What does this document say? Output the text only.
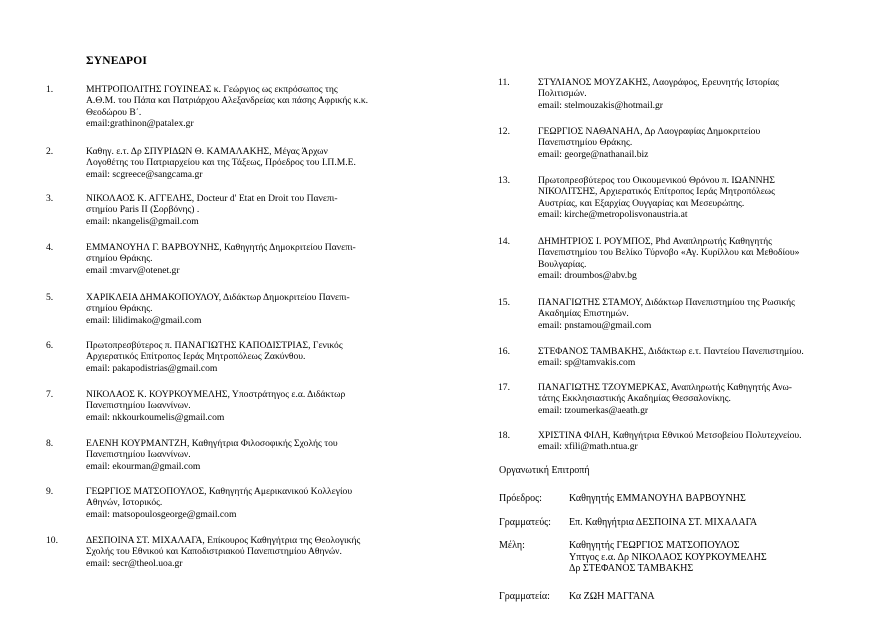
ΣΥΝΕΔΡΟΙ
1.	ΜΗΤΡΟΠΟΛΙΤΗΣ ΓΟΥΙΝΕΑΣ κ. Γεώργιος ως εκπρόσωπος της
Α.Θ.Μ. του Πάπα και Πατριάρχου Αλεξανδρείας και πάσης Αφρικής κ.κ.
Θεοδώρου Β΄.
email:grathinon@patalex.gr
2.	Καθηγ. ε.τ. Δρ ΣΠΥΡΙΔΩΝ Θ. ΚΑΜΑΛΑΚΗΣ, Μέγας Άρχων
Λογοθέτης του Πατριαρχείου και της Τάξεως, Πρόεδρος του Ι.Π.Μ.Ε.
email: scgreece@sangcama.gr
3.	ΝΙΚΟΛΑΟΣ Κ. ΑΓΓΕΛΗΣ, Docteur d' Etat en Droit του Πανεπι-
στημίου Paris II (Σορβόνης) .
email: nkangelis@gmail.com
4.	ΕΜΜΑΝΟΥΗΛ Γ. ΒΑΡΒΟΥΝΗΣ, Καθηγητής Δημοκριτείου Πανεπι-
στημίου Θράκης.
email :mvarv@otenet.gr
5.	ΧΑΡΙΚΛΕΙΑ ΔΗΜΑΚΟΠΟΥΛΟΥ, Διδάκτωρ Δημοκριτείου Πανεπι-
στημίου Θράκης.
email: lilidimako@gmail.com
6.	Πρωτοπρεσβύτερος π. ΠΑΝΑΓΙΩΤΗΣ ΚΑΠΟΔΙΣΤΡΙΑΣ, Γενικός
Αρχιερατικός Επίτροπος Ιεράς Μητροπόλεως Ζακύνθου.
email: pakapodistrias@gmail.com
7.	ΝΙΚΟΛΑΟΣ Κ. ΚΟΥΡΚΟΥΜΕΛΗΣ, Υποστράτηγος ε.α. Διδάκτωρ
Πανεπιστημίου Ιωαννίνων.
email: nkkourkoumelis@gmail.com
8.	ΕΛΕΝΗ ΚΟΥΡΜΑΝΤΖΗ, Καθηγήτρια Φιλοσοφικής Σχολής του
Πανεπιστημίου Ιωαννίνων.
email: ekourman@gmail.com
9.	ΓΕΩΡΓΙΟΣ ΜΑΤΣΟΠΟΥΛΟΣ, Καθηγητής Αμερικανικού Κολλεγίου
Αθηνών, Ιστορικός.
email: matsopoulosgeorge@gmail.com
10.	ΔΕΣΠΟΙΝΑ ΣΤ. ΜΙΧΑΛΑΓΑ, Επίκουρος Καθηγήτρια της Θεολογικής
Σχολής του Εθνικού και Καποδιστριακού Πανεπιστημίου Αθηνών.
email: secr@theol.uoa.gr
11.	ΣΤΥΛΙΑΝΟΣ ΜΟΥΖΑΚΗΣ, Λαογράφος, Ερευνητής Ιστορίας
Πολιτισμών.
email: stelmouzakis@hotmail.gr
12.	ΓΕΩΡΓΙΟΣ ΝΑΘΑΝΑΗΛ, Δρ Λαογραφίας Δημοκριτείου
Πανεπιστημίου Θράκης.
email: george@nathanail.biz
13.	Πρωτοπρεσβύτερος του Οικουμενικού Θρόνου π. ΙΩΑΝΝΗΣ
ΝΙΚΟΛΙΤΣΗΣ, Αρχιερατικός Επίτροπος Ιεράς Μητροπόλεως
Αυστρίας, και Εξαρχίας Ουγγαρίας και Μεσευρώπης.
email: kirche@metropolisvonaustria.at
14.	ΔΗΜΗΤΡΙΟΣ Ι. ΡΟΥΜΠΟΣ, Phd Αναπληρωτής Καθηγητής
Πανεπιστημίου του Βελίκο Τύρνοβο «Αγ. Κυρίλλου και Μεθοδίου»
Βουλγαρίας.
email: droumbos@abv.bg
15.	ΠΑΝΑΓΙΩΤΗΣ ΣΤΑΜΟΥ, Διδάκτωρ Πανεπιστημίου της Ρωσικής
Ακαδημίας Επιστημών.
email: pnstamou@gmail.com
16.	ΣΤΕΦΑΝΟΣ ΤΑΜΒΑΚΗΣ, Διδάκτωρ ε.τ. Παντείου Πανεπιστημίου.
email: sp@tamvakis.com
17.	ΠΑΝΑΓΙΩΤΗΣ ΤΖΟΥΜΕΡΚΑΣ, Αναπληρωτής Καθηγητής Ανω-
τάτης Εκκλησιαστικής Ακαδημίας Θεσσαλονίκης.
email: tzoumerkas@aeath.gr
18.	ΧΡΙΣΤΙΝΑ ΦΙΛΗ, Καθηγήτρια Εθνικού Μετσοβείου Πολυτεχνείου.
email: xfili@math.ntua.gr
Οργανωτική Επιτροπή
Πρόεδρος:	Καθηγητής ΕΜΜΑΝΟΥΗΛ ΒΑΡΒΟΥΝΗΣ
Γραμματεύς:	Επ. Καθηγήτρια ΔΕΣΠΟΙΝΑ ΣΤ. ΜΙΧΑΛΑΓΑ
Μέλη:	Καθηγητής ΓΕΩΡΓΙΟΣ ΜΑΤΣΟΠΟΥΛΟΣ
Υπτγος ε.α. Δρ ΝΙΚΟΛΑΟΣ ΚΟΥΡΚΟΥΜΕΛΗΣ
Δρ ΣΤΕΦΑΝΟΣ ΤΑΜΒΑΚΗΣ
Γραμματεία:	Κα ΖΩΗ ΜΑΓΓΑΝΑ
